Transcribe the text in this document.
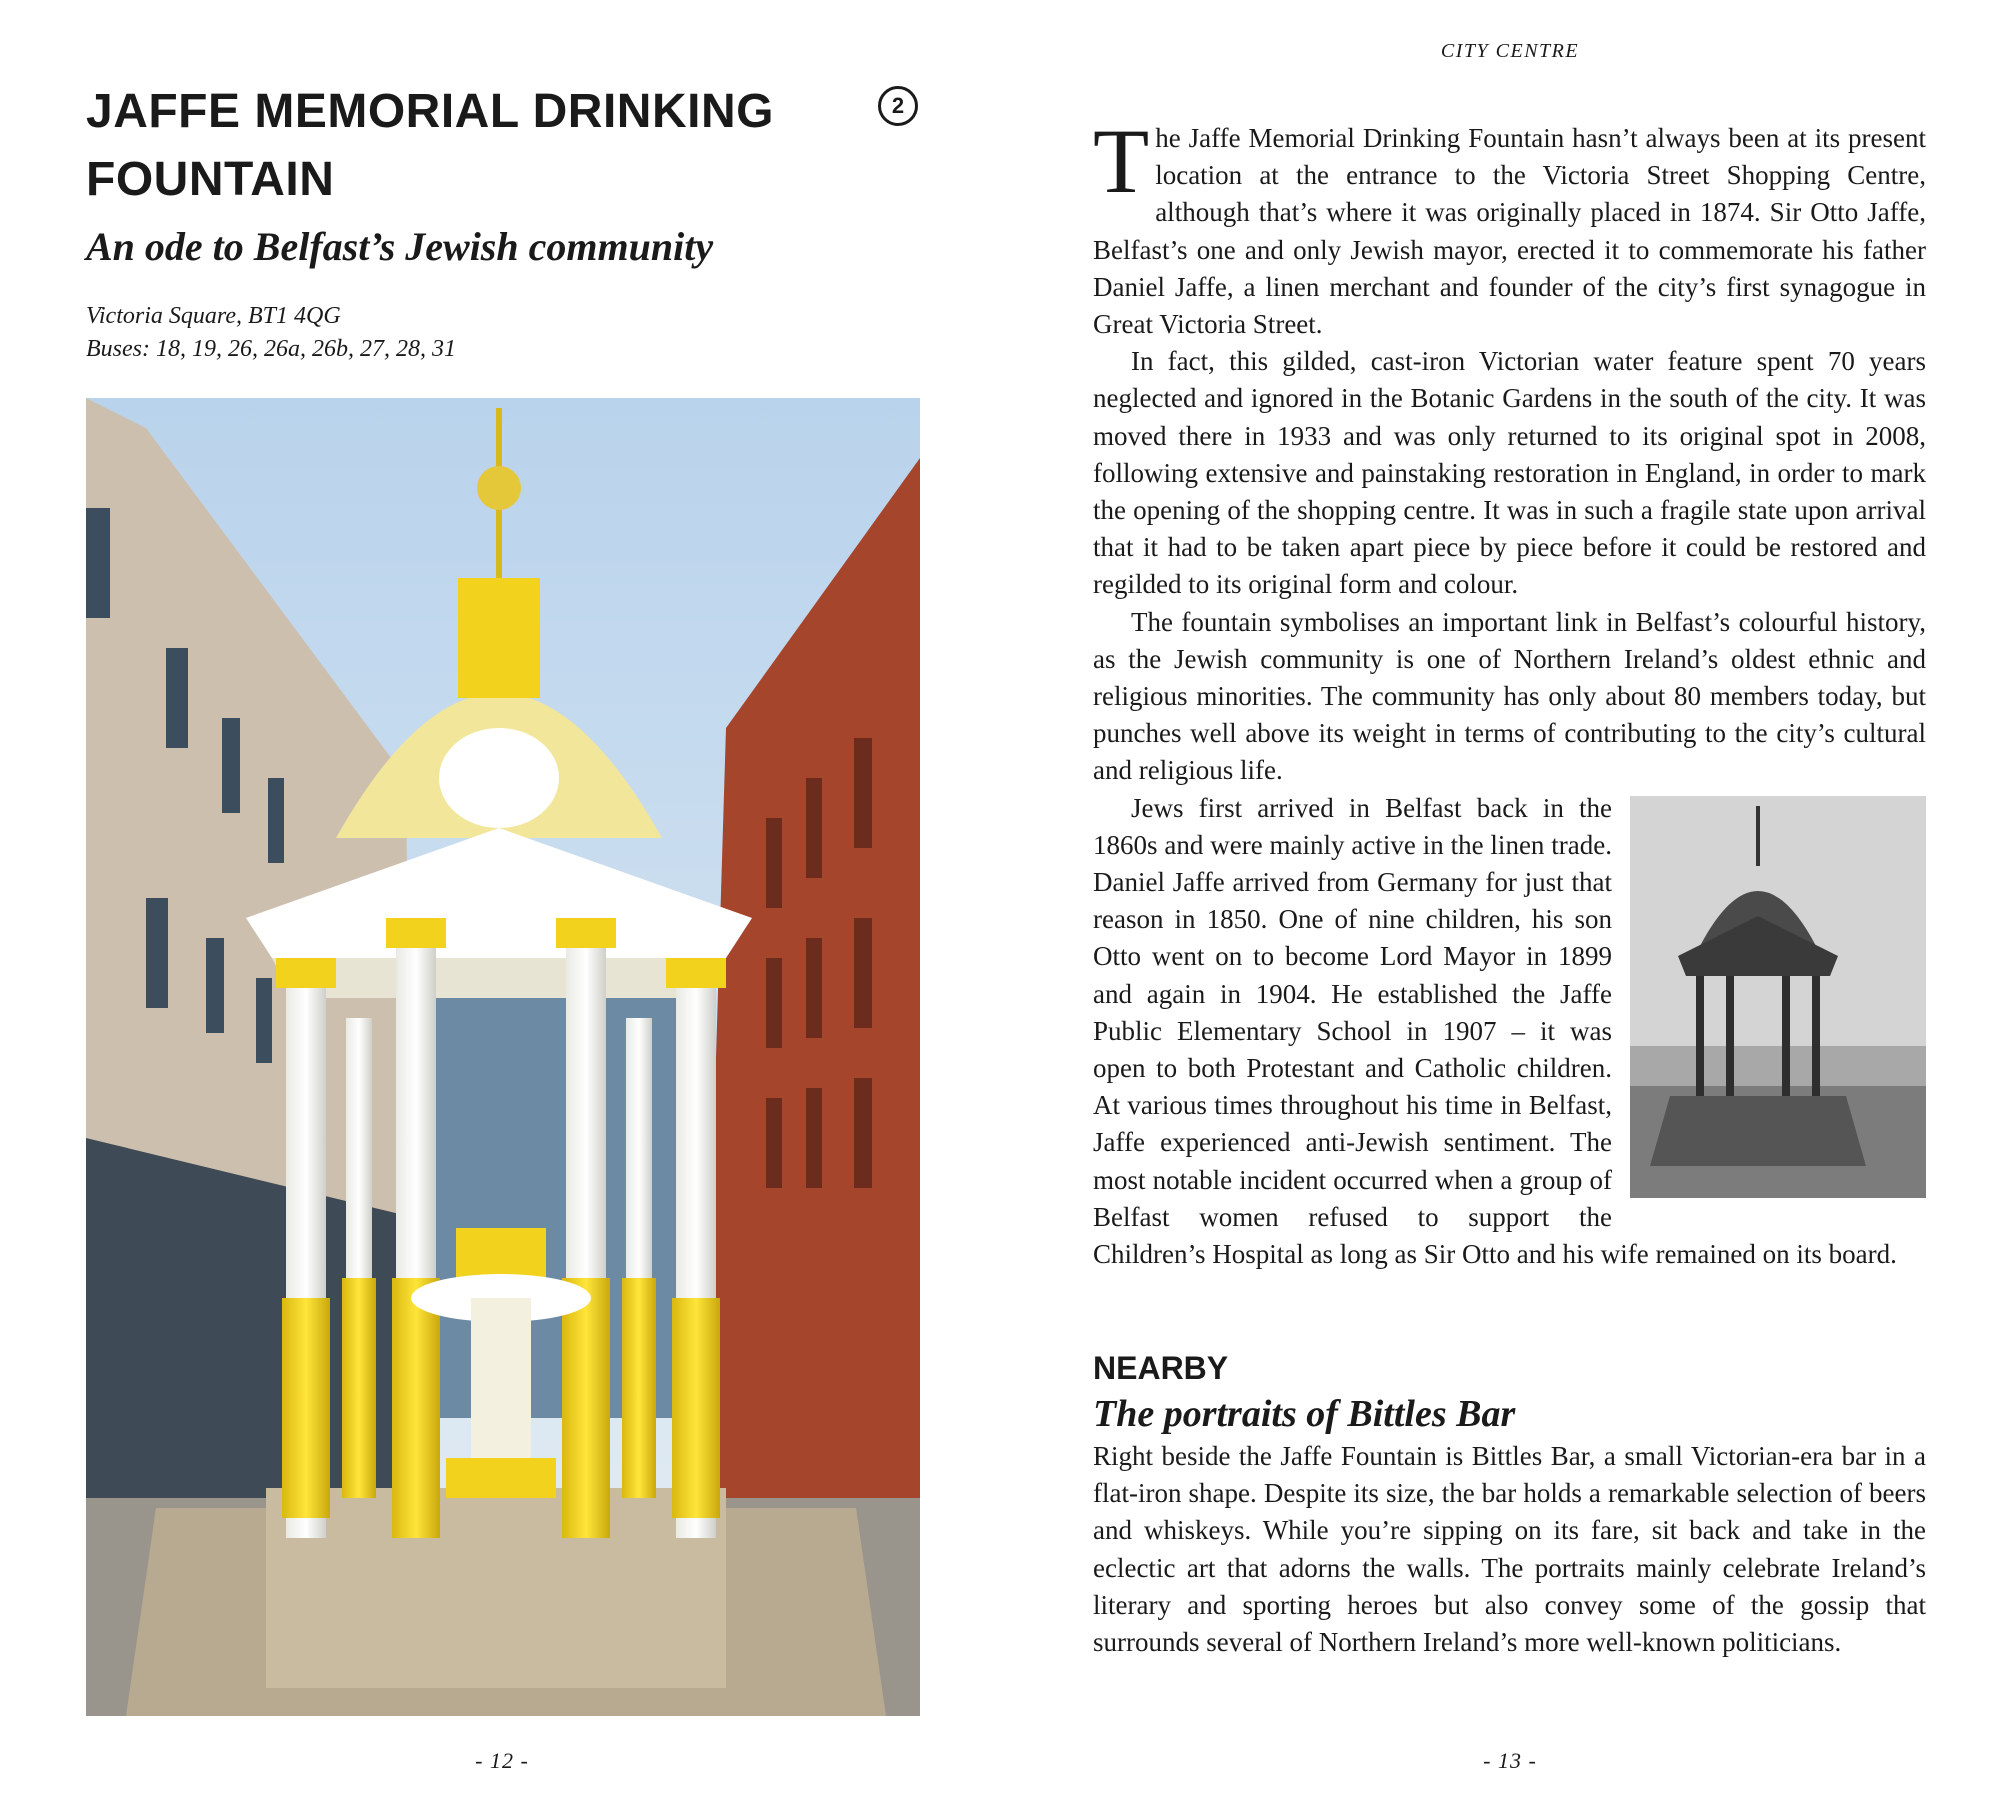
JAFFE MEMORIAL DRINKING FOUNTAIN
2
An ode to Belfast’s Jewish community
Victoria Square, BT1 4QG
Buses: 18, 19, 26, 26a, 26b, 27, 28, 31
- 12 -
CITY CENTRE

The Jaffe Memorial Drinking Fountain hasn’t always been at its present location at the entrance to the Victoria Street Shopping Centre, although that’s where it was originally placed in 1874. Sir Otto Jaffe, Belfast’s one and only Jewish mayor, erected it to commemorate his father Daniel Jaffe, a linen merchant and founder of the city’s first synagogue in Great Victoria Street.

In fact, this gilded, cast-iron Victorian water feature spent 70 years neglected and ignored in the Botanic Gardens in the south of the city. It was moved there in 1933 and was only returned to its original spot in 2008, following extensive and painstaking restoration in England, in order to mark the opening of the shopping centre. It was in such a fragile state upon arrival that it had to be taken apart piece by piece before it could be restored and regilded to its original form and colour.

The fountain symbolises an important link in Belfast’s colourful history, as the Jewish community is one of Northern Ireland’s oldest ethnic and religious minorities. The community has only about 80 members today, but punches well above its weight in terms of contributing to the city’s cultural and religious life.

Jews first arrived in Belfast back in the 1860s and were mainly active in the linen trade. Daniel Jaffe arrived from Germany for just that reason in 1850. One of nine children, his son Otto went on to become Lord Mayor in 1899 and again in 1904. He established the Jaffe Public Elementary School in 1907 – it was open to both Protestant and Catholic children. At various times throughout his time in Belfast, Jaffe experienced anti-Jewish sentiment. The most notable incident occurred when a group of Belfast women refused to support the Children’s Hospital as long as Sir Otto and his wife remained on its board.

NEARBY
The portraits of Bittles Bar

Right beside the Jaffe Fountain is Bittles Bar, a small Victorian-era bar in a flat-iron shape. Despite its size, the bar holds a remarkable selection of beers and whiskeys. While you’re sipping on its fare, sit back and take in the eclectic art that adorns the walls. The portraits mainly celebrate Ireland’s literary and sporting heroes but also convey some of the gossip that surrounds several of Northern Ireland’s more well-known politicians.

- 13 -
